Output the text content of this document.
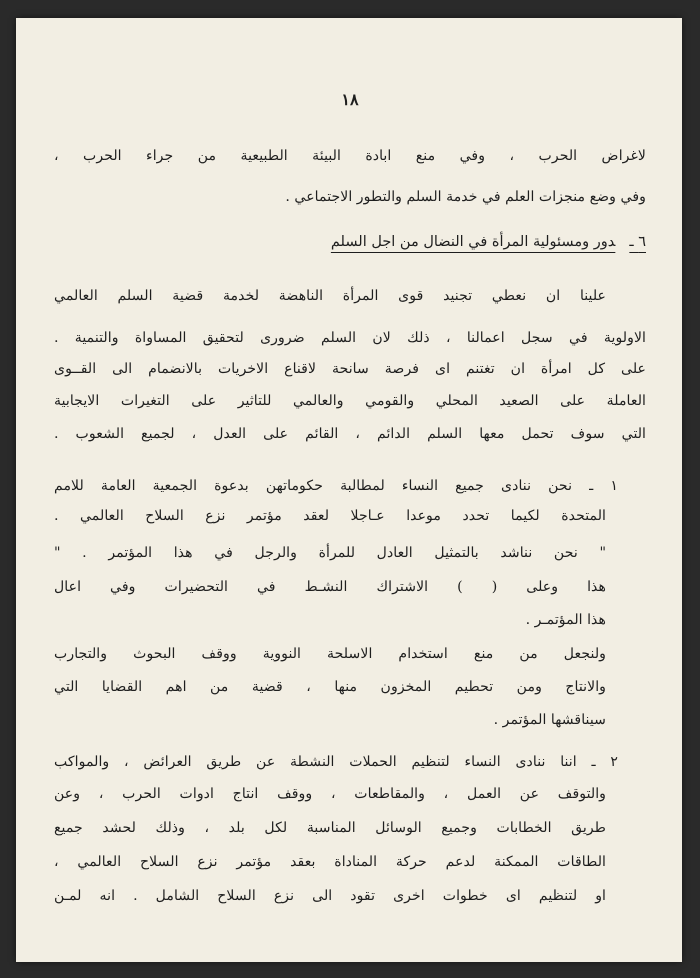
١٨
لاغراض الحرب ، وفي منع ابادة البيئة الطبيعية من جراء الحرب ،
وفي وضع منجزات العلم في خدمة السلم والتطور الاجتماعي .
٦ ـدور ومسئولية المرأة في النضال من اجل السلم
علينا ان نعطي تجنيد قوى المرأة الناهضة لخدمة قضية السلم العالمي
الاولوية في سجل اعمالنا ، ذلك لان السلم ضرورى لتحقيق المساواة والتنمية .
على كل امرأة ان تغتنم اى فرصة سانحة لاقناع الاخريات بالانضمام الى القــوى
العاملة على الصعيد المحلي والقومي والعالمي للتاثير على التغيرات الايجابية
التي سوف تحمل معها السلم الدائم ، القائم على العدل ، لجميع الشعوب .
١ ـ نحن ننادى جميع النساء لمطالبة حكوماتهن بدعوة الجمعية العامة للامم
المتحدة لكيما تحدد موعدا عـاجلا لعقد مؤتمر نزع السلاح العالمي .
" نحن نناشد بالتمثيل العادل للمرأة والرجل في هذا المؤتمر . "
هذا وعلى ( ) الاشتراك النشـط في التحضيرات وفي اعال
هذا المؤتمـر .
ولنجعل من منع استخدام الاسلحة النووية ووقف البحوث والتجارب
والانتاج ومن تحطيم المخزون منها ، قضية من اهم القضايا التي
سيناقشها المؤتمر .
٢ ـ اننا ننادى النساء لتنظيم الحملات النشطة عن طريق العرائض ، والمواكب
والتوقف عن العمل ، والمقاطعات ، ووقف انتاج ادوات الحرب ، وعن
طريق الخطابات وجميع الوسائل المناسبة لكل بلد ، وذلك لحشد جميع
الطاقات الممكنة لدعم حركة المناداة بعقد مؤتمر نزع السلاح العالمي ،
او لتنظيم اى خطوات اخرى تقود الى نزع السلاح الشامل . انه لمـن
